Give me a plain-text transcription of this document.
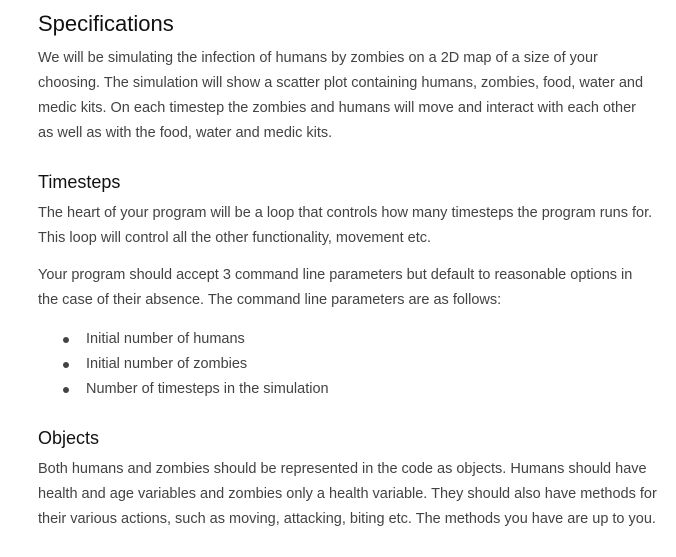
Specifications
We will be simulating the infection of humans by zombies on a 2D map of a size of your
choosing. The simulation will show a scatter plot containing humans, zombies, food, water and
medic kits. On each timestep the zombies and humans will move and interact with each other
as well as with the food, water and medic kits.
Timesteps
The heart of your program will be a loop that controls how many timesteps the program runs for.
This loop will control all the other functionality, movement etc.
Your program should accept 3 command line parameters but default to reasonable options in
the case of their absence. The command line parameters are as follows:
Initial number of humans
Initial number of zombies
Number of timesteps in the simulation
Objects
Both humans and zombies should be represented in the code as objects. Humans should have
health and age variables and zombies only a health variable. They should also have methods for
their various actions, such as moving, attacking, biting etc. The methods you have are up to you.
